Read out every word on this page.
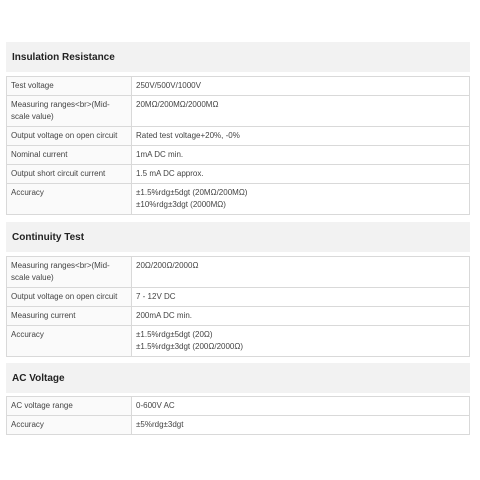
Insulation Resistance
Test voltage	250V/500V/1000V

Measuring ranges<br>(Mid-scale value)	20MΩ/200MΩ/2000MΩ

Output voltage on open circuit	Rated test voltage+20%, -0%

Nominal current	1mA DC min.

Output short circuit current	1.5 mA DC approx.

Accuracy	±1.5%rdg±5dgt (20MΩ/200MΩ)
±10%rdg±3dgt (2000MΩ)
Continuity Test
Measuring ranges<br>(Mid-scale value)	20Ω/200Ω/2000Ω

Output voltage on open circuit	7 - 12V DC

Measuring current	200mA DC min.

Accuracy	±1.5%rdg±5dgt (20Ω)
±1.5%rdg±3dgt (200Ω/2000Ω)
AC Voltage
AC voltage range	0-600V AC

Accuracy	±5%rdg±3dgt
